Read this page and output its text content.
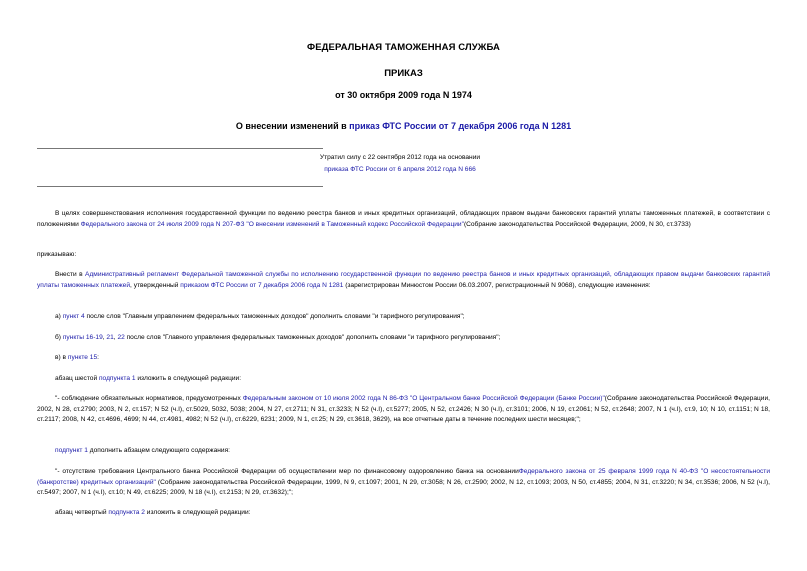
ФЕДЕРАЛЬНАЯ ТАМОЖЕННАЯ СЛУЖБА
ПРИКАЗ
от 30 октября 2009 года N 1974
О внесении изменений в приказ ФТС России от 7 декабря 2006 года N 1281
Утратил силу с 22 сентября 2012 года на основании
приказа ФТС России от 6 апреля 2012 года N 666
В целях совершенствования исполнения государственной функции по ведению реестра банков и иных кредитных организаций, обладающих правом выдачи банковских гарантий уплаты таможенных платежей, в соответствии с положениями Федерального закона от 24 июля 2009 года N 207-ФЗ "О внесении изменений в Таможенный кодекс Российской Федерации"(Собрание законодательства Российской Федерации, 2009, N 30, ст.3733)
приказываю:
Внести в Административный регламент Федеральной таможенной службы по исполнению государственной функции по ведению реестра банков и иных кредитных организаций, обладающих правом выдачи банковских гарантий уплаты таможенных платежей, утвержденный приказом ФТС России от 7 декабря 2006 года N 1281 (зарегистрирован Минюстом России 06.03.2007, регистрационный N 9068), следующие изменения:
а) пункт 4 после слов "Главным управлением федеральных таможенных доходов" дополнить словами "и тарифного регулирования";
б) пункты 16-19, 21, 22 после слов "Главного управления федеральных таможенных доходов" дополнить словами "и тарифного регулирования";
в) в пункте 15:
абзац шестой подпункта 1 изложить в следующей редакции:
"- соблюдение обязательных нормативов, предусмотренных Федеральным законом от 10 июля 2002 года N 86-ФЗ "О Центральном банке Российской Федерации (Банке России)"(Собрание законодательства Российской Федерации, 2002, N 28, ст.2790; 2003, N 2, ст.157; N 52 (ч.I), ст.5029, 5032, 5038; 2004, N 27, ст.2711; N 31, ст.3233; N 52 (ч.I), ст.5277; 2005, N 52, ст.2426; N 30 (ч.I), ст.3101; 2006, N 19, ст.2061; N 52, ст.2648; 2007, N 1 (ч.I), ст.9, 10; N 10, ст.1151; N 18, ст.2117; 2008, N 42, ст.4696, 4699; N 44, ст.4981, 4982; N 52 (ч.I), ст.6229, 6231; 2009, N 1, ст.25; N 29, ст.3618, 3629), на все отчетные даты в течение последних шести месяцев;";
подпункт 1 дополнить абзацем следующего содержания:
"- отсутствие требования Центрального банка Российской Федерации об осуществлении мер по финансовому оздоровлению банка на основанииФедерального закона от 25 февраля 1999 года N 40-ФЗ "О несостоятельности (банкротстве) кредитных организаций" (Собрание законодательства Российской Федерации, 1999, N 9, ст.1097; 2001, N 29, ст.3058; N 26, ст.2590; 2002, N 12, ст.1093; 2003, N 50, ст.4855; 2004, N 31, ст.3220; N 34, ст.3536; 2006, N 52 (ч.I), ст.5497; 2007, N 1 (ч.I), ст.10; N 49, ст.6225; 2009, N 18 (ч.I), ст.2153; N 29, ст.3632);";
абзац четвертый подпункта 2 изложить в следующей редакции:
